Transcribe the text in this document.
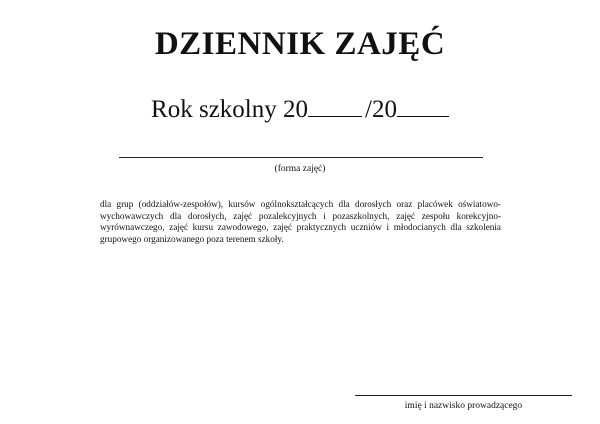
DZIENNIK ZAJĘĆ
Rok szkolny 20 /20
(forma zajęć)
dla grup (oddziałów-zespołów), kursów ogólnokształcących dla dorosłych oraz placówek oświatowo-wychowawczych dla dorosłych, zajęć pozalekcyjnych i pozaszkolnych, zajęć zespołu korekcyjno-wyrównawczego, zajęć kursu zawodowego, zajęć praktycznych uczniów i młodocianych dla szkolenia grupowego organizowanego poza terenem szkoły.
imię i nazwisko prowadzącego
